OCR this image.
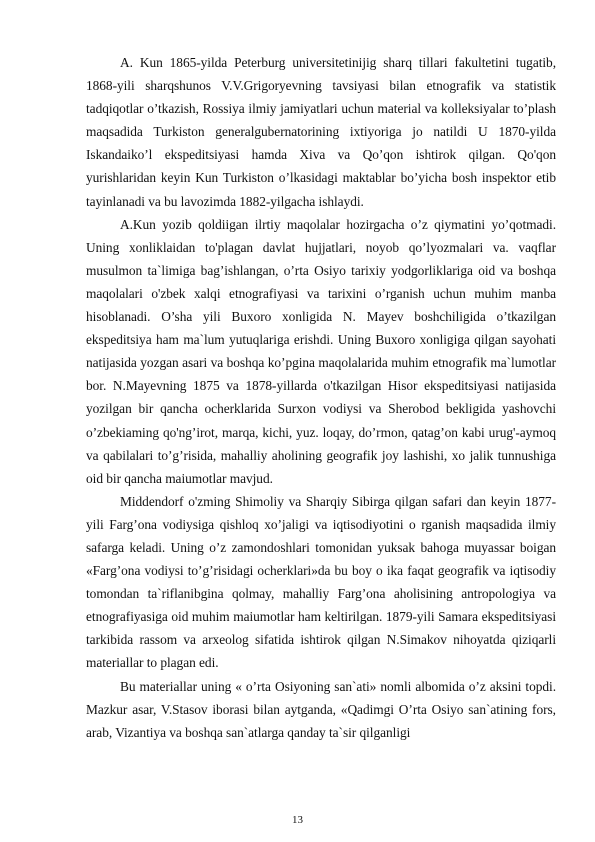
A. Kun 1865-yilda Peterburg universitetinijig sharq tillari fakultetini tugatib, 1868-yili sharqshunos V.V.Grigoryevning tavsiyasi bilan etnografik va statistik tadqiqotlar o’tkazish, Rossiya ilmiy jamiyatlari uchun material va kolleksiyalar to’plash maqsadida Turkiston generalgubernatorining ixtiyoriga jo natildi U 1870-yilda Iskandaiko’l ekspeditsiyasi hamda Xiva va Qo’qon ishtirok qilgan. Qo'qon yurishlaridan keyin Kun Turkiston o’lkasidagi maktablar bo’yicha bosh inspektor etib tayinlanadi va bu lavozimda 1882-yilgacha ishlaydi.

A.Kun yozib qoldiigan ilrtiy maqolalar hozirgacha o’z qiymatini yo’qotmadi. Uning xonliklaidan to'plagan davlat hujjatlari, noyob qo’lyozmalari va. vaqflar musulmon ta`limiga bag’ishlangan, o’rta Osiyo tarixiy yodgorliklariga oid va boshqa maqolalari o'zbek xalqi etnografiyasi va tarixini o’rganish uchun muhim manba hisoblanadi. O’sha yili Buxoro xonligida N. Mayev boshchiligida o’tkazilgan ekspeditsiya ham ma`lum yutuqlariga erishdi. Uning Buxoro xonligiga qilgan sayohati natijasida yozgan asari va boshqa ko’pgina maqolalarida muhim etnografik ma`lumotlar bor. N.Mayevning 1875 va 1878-yillarda o'tkazilgan Hisor ekspeditsiyasi natijasida yozilgan bir qancha ocherklarida Surxon vodiysi va Sherobod bekligida yashovchi o’zbekiaming qo'ng’irot, marqa, kichi, yuz. loqay, do’rmon, qatag’on kabi urug'-aymoq va qabilalari to’g’risida, mahalliy aholining geografik joy lashishi, xo jalik tunnushiga oid bir qancha maiumotlar mavjud.

Middendorf o'zming Shimoliy va Sharqiy Sibirga qilgan safari dan keyin 1877-yili Farg’ona vodiysiga qishloq xo’jaligi va iqtisodiyotini o rganish maqsadida ilmiy safarga keladi. Uning o’z zamondoshlari tomonidan yuksak bahoga muyassar boigan «Farg’ona vodiysi to’g’risidagi ocherklari»da bu boy o ika faqat geografik va iqtisodiy tomondan ta`riflanibgina qolmay, mahalliy Farg’ona aholisining antropologiya va etnografiyasiga oid muhim maiumotlar ham keltirilgan. 1879-yili Samara ekspeditsiyasi tarkibida rassom va arxeolog sifatida ishtirok qilgan N.Simakov nihoyatda qiziqarli materiallar to plagan edi.

Bu materiallar uning « o’rta Osiyoning san`ati» nomli albomida o’z aksini topdi. Mazkur asar, V.Stasov iborasi bilan aytganda, «Qadimgi O’rta Osiyo san`atining fors, arab, Vizantiya va boshqa san`atlarga qanday ta`sir qilganligi

13
